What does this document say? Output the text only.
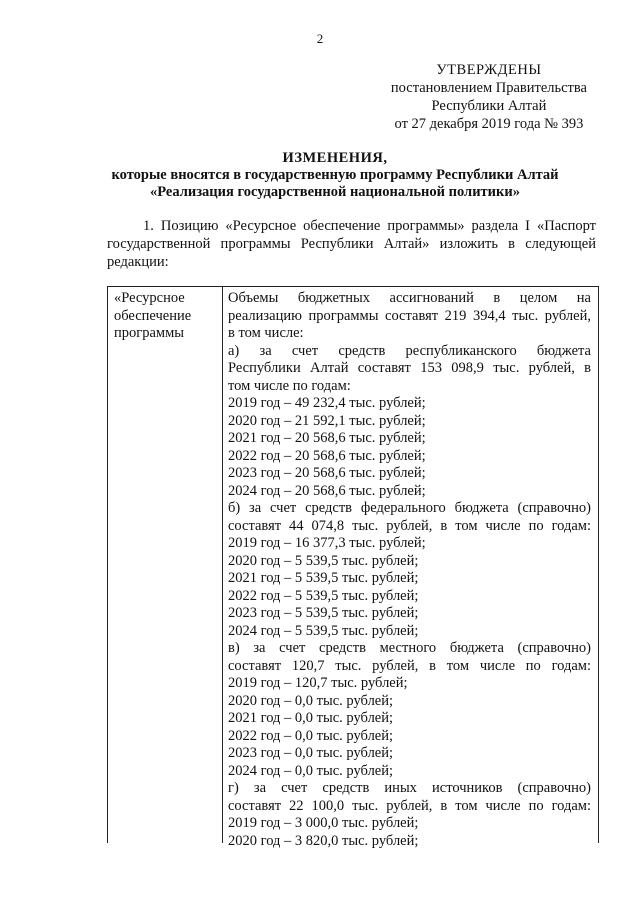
2
УТВЕРЖДЕНЫ
постановлением Правительства
Республики Алтай
от 27 декабря 2019 года № 393
ИЗМЕНЕНИЯ,
которые вносятся в государственную программу Республики Алтай
«Реализация государственной национальной политики»
1. Позицию «Ресурсное обеспечение программы» раздела I «Паспорт
государственной программы Республики Алтай» изложить в следующей
редакции:
«Ресурсное
обеспечение
программы
Объемы бюджетных ассигнований в целом на
реализацию программы составят 219 394,4 тыс. рублей,
в том числе:
а) за счет средств республиканского бюджета
Республики Алтай составят 153 098,9 тыс. рублей, в
том числе по годам:
2019 год – 49 232,4 тыс. рублей;
2020 год – 21 592,1 тыс. рублей;
2021 год – 20 568,6 тыс. рублей;
2022 год – 20 568,6 тыс. рублей;
2023 год – 20 568,6 тыс. рублей;
2024 год – 20 568,6 тыс. рублей;
б) за счет средств федерального бюджета (справочно)
составят 44 074,8 тыс. рублей, в том числе по годам:
2019 год – 16 377,3 тыс. рублей;
2020 год – 5 539,5 тыс. рублей;
2021 год – 5 539,5 тыс. рублей;
2022 год – 5 539,5 тыс. рублей;
2023 год – 5 539,5 тыс. рублей;
2024 год – 5 539,5 тыс. рублей;
в) за счет средств местного бюджета (справочно)
составят 120,7 тыс. рублей, в том числе по годам:
2019 год – 120,7 тыс. рублей;
2020 год – 0,0 тыс. рублей;
2021 год – 0,0 тыс. рублей;
2022 год – 0,0 тыс. рублей;
2023 год – 0,0 тыс. рублей;
2024 год – 0,0 тыс. рублей;
г) за счет средств иных источников (справочно)
составят 22 100,0 тыс. рублей, в том числе по годам:
2019 год – 3 000,0 тыс. рублей;
2020 год – 3 820,0 тыс. рублей;
